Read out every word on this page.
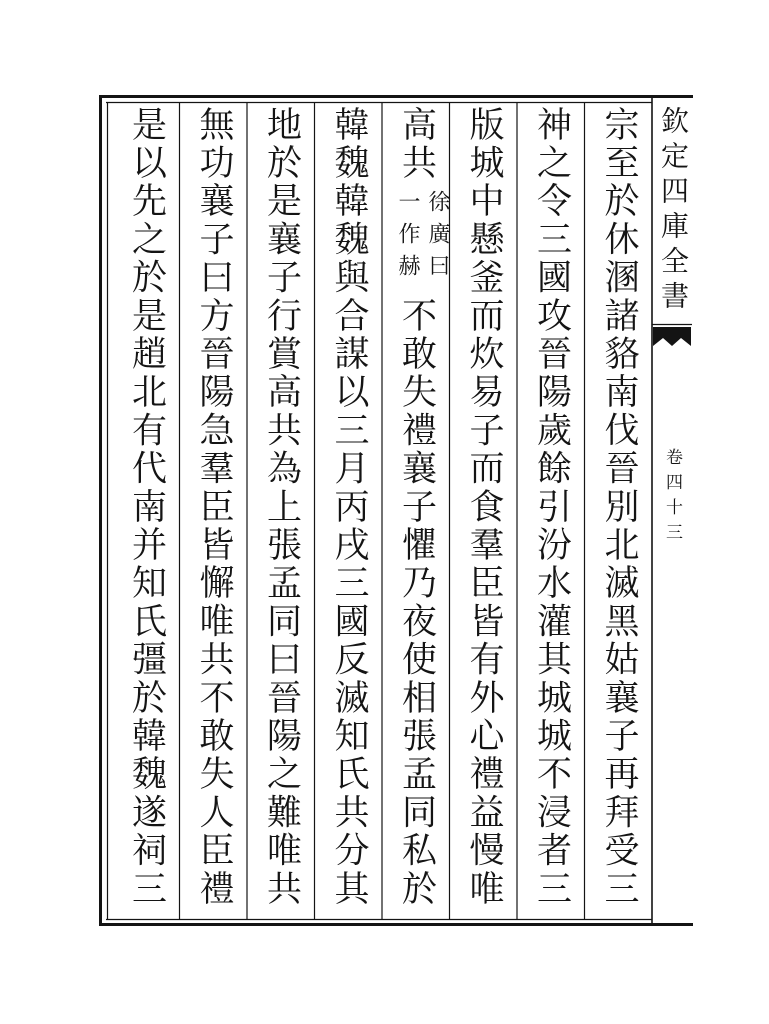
欽定四庫全書
卷四十三
宗至於休溷諸貉南伐晉別北滅黑姑襄子再拜受三
神之令三國攻晉陽歲餘引汾水灌其城城不浸者三
版城中懸釜而炊易子而食羣臣皆有外心禮益慢唯
高共
徐廣曰
一作赫
不敢失禮襄子懼乃夜使相張孟同私於
韓魏韓魏與合謀以三月丙戌三國反滅知氏共分其
地於是襄子行賞高共為上張孟同曰晉陽之難唯共
無功襄子曰方晉陽急羣臣皆懈唯共不敢失人臣禮
是以先之於是趙北有代南并知氏彊於韓魏遂祠三
